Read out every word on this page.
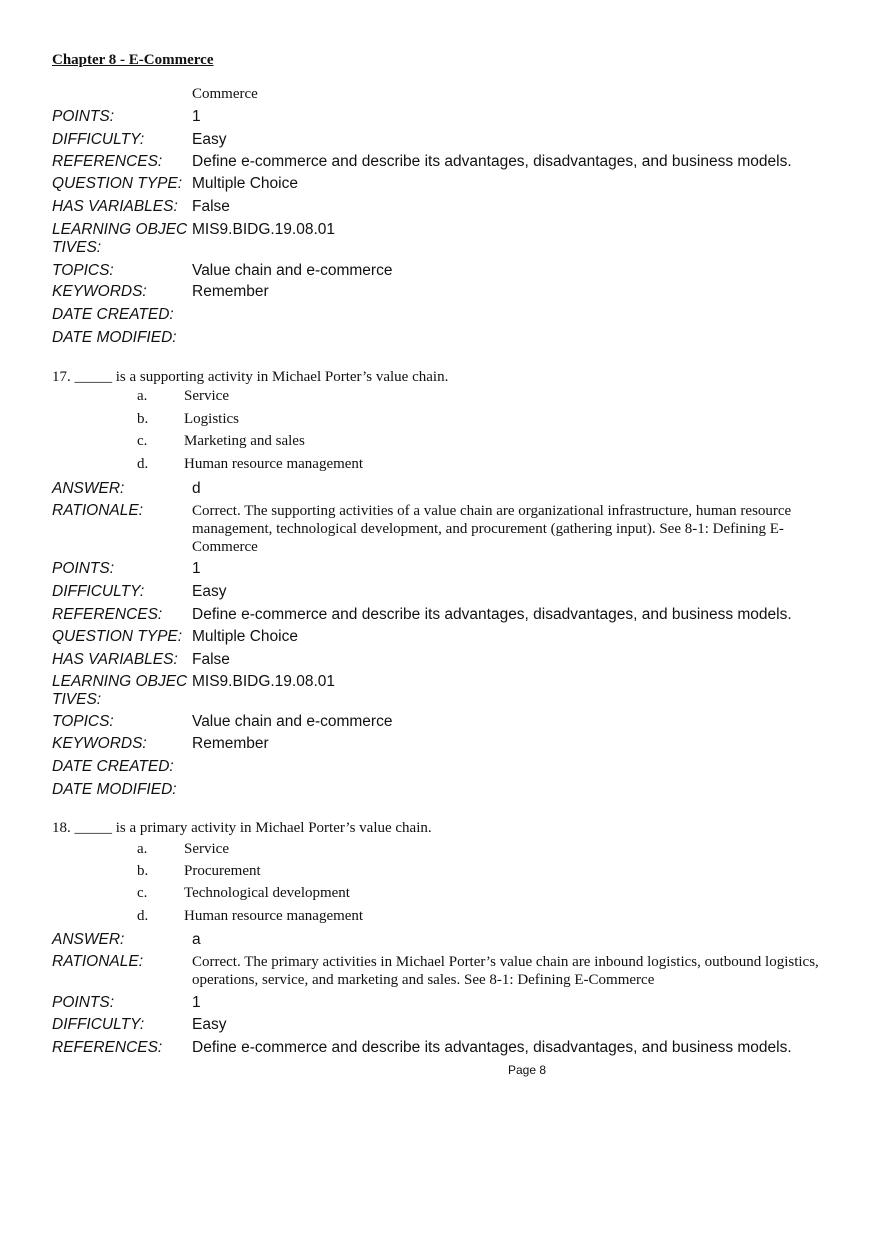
Chapter 8 - E-Commerce
Commerce
POINTS:	1
DIFFICULTY:	Easy
REFERENCES:	Define e-commerce and describe its advantages, disadvantages, and business models.
QUESTION TYPE: Multiple Choice
HAS VARIABLES: False
LEARNING OBJECTIVES:
MIS9.BIDG.19.08.01
TOPICS:	Value chain and e-commerce
KEYWORDS:	Remember
DATE CREATED:
DATE MODIFIED:
17. _____ is a supporting activity in Michael Porter’s value chain.
a.	Service
b.	Logistics
c.	Marketing and sales
d.	Human resource management
ANSWER:	d
RATIONALE:	Correct. The supporting activities of a value chain are organizational infrastructure, human resource management, technological development, and procurement (gathering input). See 8-1: Defining E-Commerce
POINTS:	1
DIFFICULTY:	Easy
REFERENCES:	Define e-commerce and describe its advantages, disadvantages, and business models.
QUESTION TYPE: Multiple Choice
HAS VARIABLES: False
LEARNING OBJECTIVES:
MIS9.BIDG.19.08.01
TOPICS:	Value chain and e-commerce
KEYWORDS:	Remember
DATE CREATED:
DATE MODIFIED:
18. _____ is a primary activity in Michael Porter’s value chain.
a.	Service
b.	Procurement
c.	Technological development
d.	Human resource management
ANSWER:	a
RATIONALE:	Correct. The primary activities in Michael Porter’s value chain are inbound logistics, outbound logistics, operations, service, and marketing and sales. See 8-1: Defining E-Commerce
POINTS:	1
DIFFICULTY:	Easy
REFERENCES:	Define e-commerce and describe its advantages, disadvantages, and business models.
Page 8
